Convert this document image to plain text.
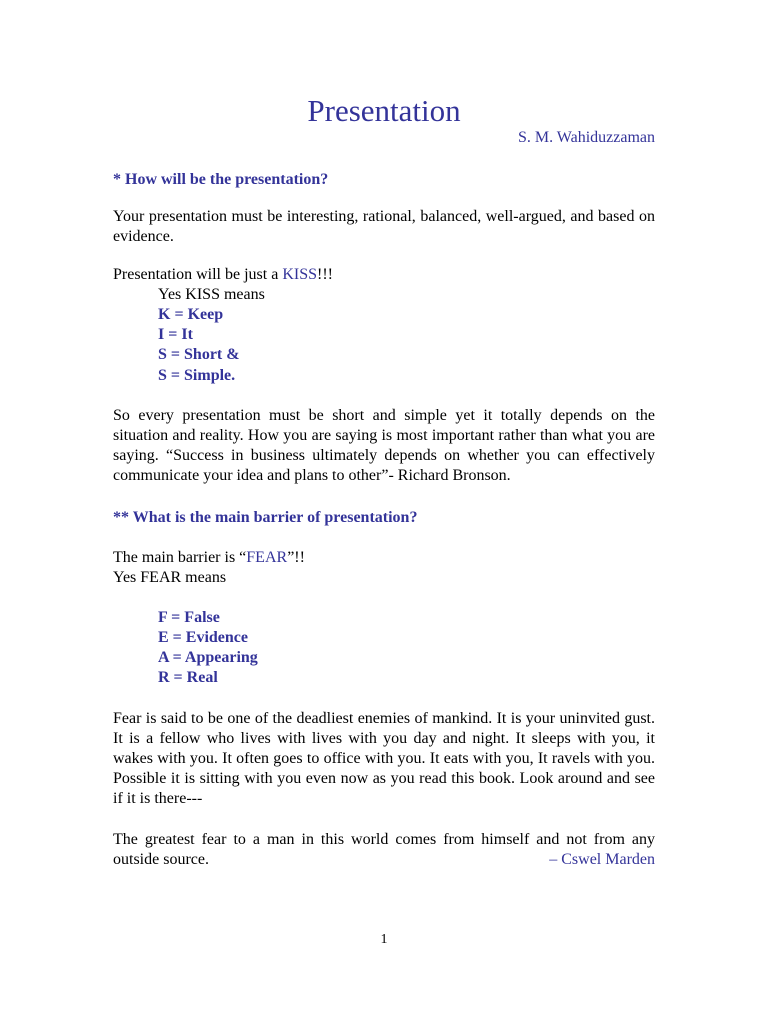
Presentation
S. M. Wahiduzzaman
* How will be the presentation?
Your presentation must be interesting, rational, balanced, well-argued, and based on evidence.
Presentation will be just a KISS!!!
Yes KISS means
K = Keep
I = It
S = Short &
S = Simple.
So every presentation must be short and simple yet it totally depends on the situation and reality. How you are saying is most important rather than what you are saying. “Success in business ultimately depends on whether you can effectively communicate your idea and plans to other”- Richard Bronson.
** What is the main barrier of presentation?
The main barrier is “FEAR”!!
Yes FEAR means
F = False
E = Evidence
A = Appearing
R = Real
Fear is said to be one of the deadliest enemies of mankind. It is your uninvited gust. It is a fellow who lives with lives with you day and night. It sleeps with you, it wakes with you. It often goes to office with you. It eats with you, It ravels with you. Possible it is sitting with you even now as you read this book. Look around and see if it is there---
The greatest fear to a man in this world comes from himself and not from any outside source.	– Cswel Marden
1
